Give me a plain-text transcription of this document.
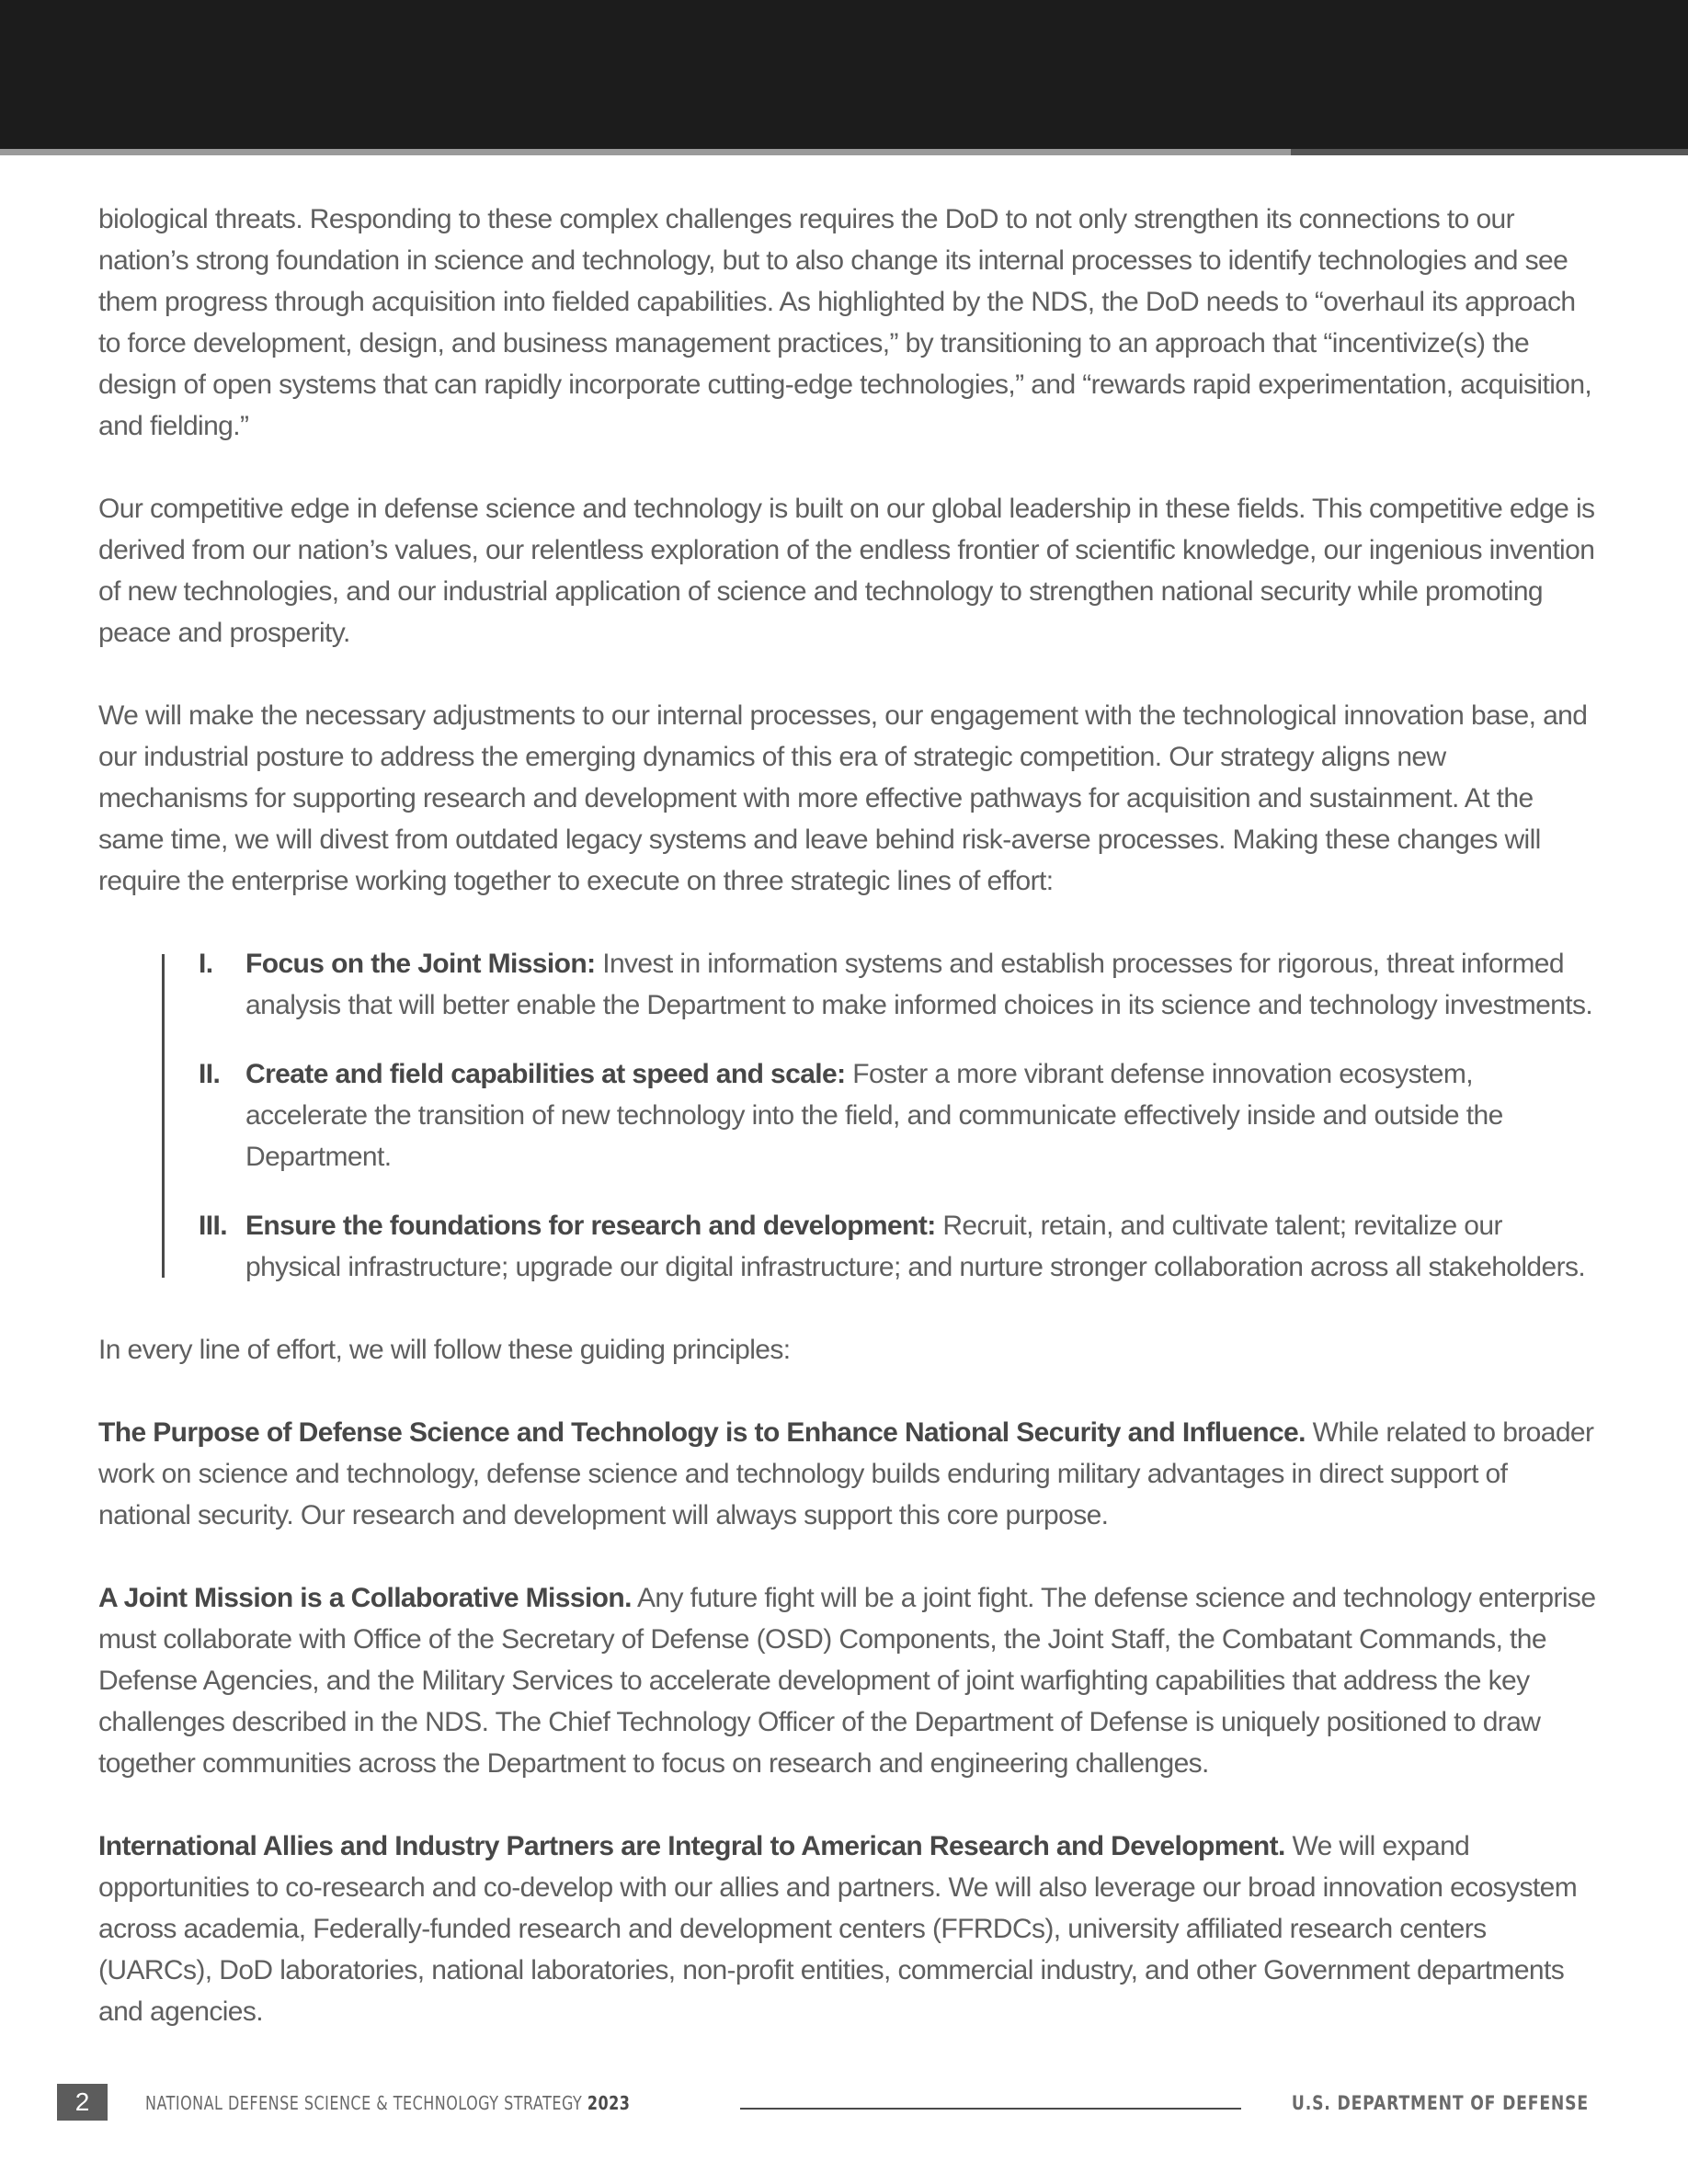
biological threats. Responding to these complex challenges requires the DoD to not only strengthen its connections to our nation’s strong foundation in science and technology, but to also change its internal processes to identify technologies and see them progress through acquisition into fielded capabilities. As highlighted by the NDS, the DoD needs to “overhaul its approach to force development, design, and business management practices,” by transitioning to an approach that “incentivize(s) the design of open systems that can rapidly incorporate cutting-edge technologies,” and “rewards rapid experimentation, acquisition, and fielding.”

Our competitive edge in defense science and technology is built on our global leadership in these fields. This competitive edge is derived from our nation’s values, our relentless exploration of the endless frontier of scientific knowledge, our ingenious invention of new technologies, and our industrial application of science and technology to strengthen national security while promoting peace and prosperity.

We will make the necessary adjustments to our internal processes, our engagement with the technological innovation base, and our industrial posture to address the emerging dynamics of this era of strategic competition. Our strategy aligns new mechanisms for supporting research and development with more effective pathways for acquisition and sustainment. At the same time, we will divest from outdated legacy systems and leave behind risk-averse processes. Making these changes will require the enterprise working together to execute on three strategic lines of effort:

I. Focus on the Joint Mission: Invest in information systems and establish processes for rigorous, threat informed analysis that will better enable the Department to make informed choices in its science and technology investments.
II. Create and field capabilities at speed and scale: Foster a more vibrant defense innovation ecosystem, accelerate the transition of new technology into the field, and communicate effectively inside and outside the Department.
III. Ensure the foundations for research and development: Recruit, retain, and cultivate talent; revitalize our physical infrastructure; upgrade our digital infrastructure; and nurture stronger collaboration across all stakeholders.

In every line of effort, we will follow these guiding principles:

The Purpose of Defense Science and Technology is to Enhance National Security and Influence. While related to broader work on science and technology, defense science and technology builds enduring military advantages in direct support of national security. Our research and development will always support this core purpose.

A Joint Mission is a Collaborative Mission. Any future fight will be a joint fight. The defense science and technology enterprise must collaborate with Office of the Secretary of Defense (OSD) Components, the Joint Staff, the Combatant Commands, the Defense Agencies, and the Military Services to accelerate development of joint warfighting capabilities that address the key challenges described in the NDS. The Chief Technology Officer of the Department of Defense is uniquely positioned to draw together communities across the Department to focus on research and engineering challenges.

International Allies and Industry Partners are Integral to American Research and Development. We will expand opportunities to co-research and co-develop with our allies and partners. We will also leverage our broad innovation ecosystem across academia, Federally-funded research and development centers (FFRDCs), university affiliated research centers (UARCs), DoD laboratories, national laboratories, non-profit entities, commercial industry, and other Government departments and agencies.

2	NATIONAL DEFENSE SCIENCE & TECHNOLOGY STRATEGY 2023	U.S. DEPARTMENT OF DEFENSE
